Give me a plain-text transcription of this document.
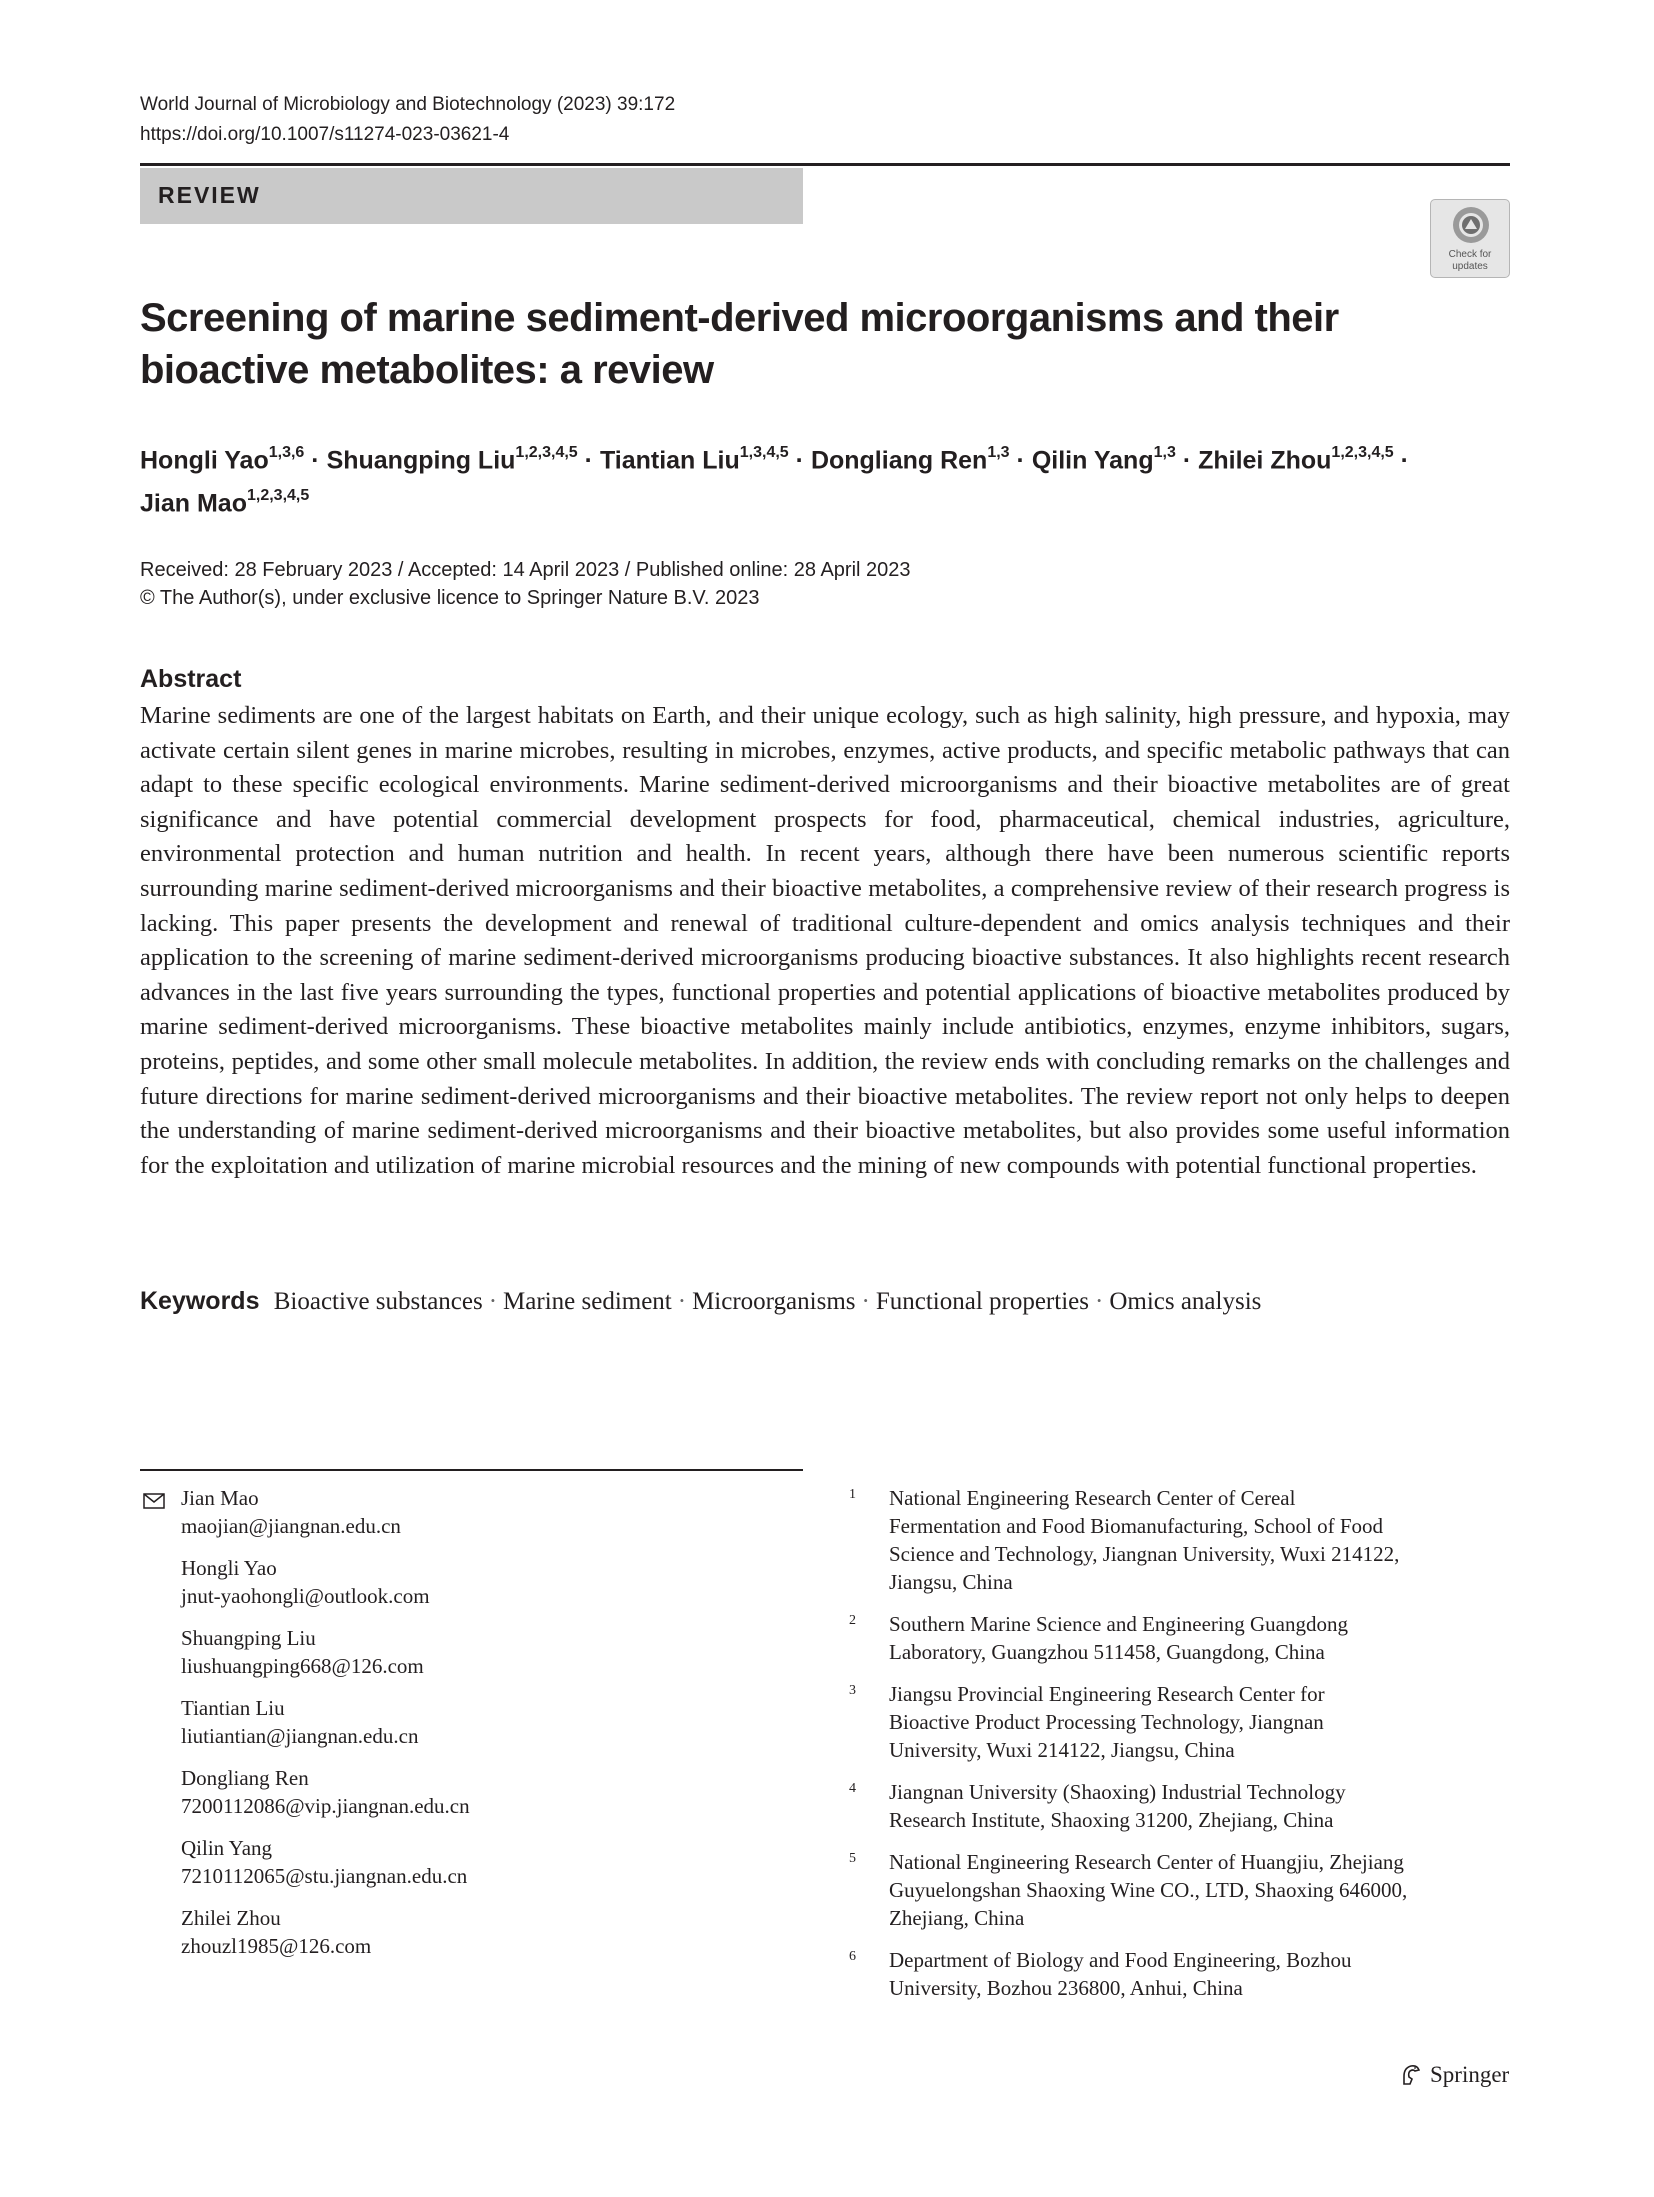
World Journal of Microbiology and Biotechnology (2023) 39:172
https://doi.org/10.1007/s11274-023-03621-4
REVIEW
Check for
updates
Screening of marine sediment-derived microorganisms and their
bioactive metabolites: a review
Hongli Yao$^{1,3,6}$ · Shuangping Liu$^{1,2,3,4,5}$ · Tiantian Liu$^{1,3,4,5}$ · Dongliang Ren$^{1,3}$ · Qilin Yang$^{1,3}$ · Zhilei Zhou$^{1,2,3,4,5}$ ·
Jian Mao$^{1,2,3,4,5}$
Received: 28 February 2023 / Accepted: 14 April 2023 / Published online: 28 April 2023
© The Author(s), under exclusive licence to Springer Nature B.V. 2023
Abstract

Marine sediments are one of the largest habitats on Earth, and their unique ecology, such as high salinity, high pressure, and hypoxia, may activate certain silent genes in marine microbes, resulting in microbes, enzymes, active products, and specific metabolic pathways that can adapt to these specific ecological environments. Marine sediment-derived microorganisms and their bioactive metabolites are of great significance and have potential commercial development prospects for food, pharmaceutical, chemical industries, agriculture, environmental protection and human nutrition and health. In recent years, although there have been numerous scientific reports surrounding marine sediment-derived microorganisms and their bioactive metabolites, a comprehensive review of their research progress is lacking. This paper presents the development and renewal of traditional culture-dependent and omics analysis techniques and their application to the screening of marine sediment-derived microorganisms producing bioactive substances. It also highlights recent research advances in the last five years surrounding the types, functional properties and potential applications of bioactive metabolites produced by marine sediment-derived microorganisms. These bioactive metabolites mainly include antibiotics, enzymes, enzyme inhibitors, sugars, proteins, peptides, and some other small molecule metabolites. In addition, the review ends with concluding remarks on the challenges and future directions for marine sediment-derived microorganisms and their bioactive metabolites. The review report not only helps to deepen the understanding of marine sediment-derived microorganisms and their bioactive metabolites, but also provides some useful information for the exploitation and utilization of marine microbial resources and the mining of new compounds with potential functional properties.

Keywords Bioactive substances · Marine sediment · Microorganisms · Functional properties · Omics analysis
Jian Mao
maojian@jiangnan.edu.cn
Hongli Yao
jnut-yaohongli@outlook.com
Shuangping Liu
liushuangping668@126.com
Tiantian Liu
liutiantian@jiangnan.edu.cn
Dongliang Ren
7200112086@vip.jiangnan.edu.cn
Qilin Yang
7210112065@stu.jiangnan.edu.cn
Zhilei Zhou
zhouzl1985@126.com
1 National Engineering Research Center of Cereal
Fermentation and Food Biomanufacturing, School of Food
Science and Technology, Jiangnan University, Wuxi 214122,
Jiangsu, China
2 Southern Marine Science and Engineering Guangdong
Laboratory, Guangzhou 511458, Guangdong, China
3 Jiangsu Provincial Engineering Research Center for
Bioactive Product Processing Technology, Jiangnan
University, Wuxi 214122, Jiangsu, China
4 Jiangnan University (Shaoxing) Industrial Technology
Research Institute, Shaoxing 31200, Zhejiang, China
5 National Engineering Research Center of Huangjiu, Zhejiang
Guyuelongshan Shaoxing Wine CO., LTD, Shaoxing 646000,
Zhejiang, China
6 Department of Biology and Food Engineering, Bozhou
University, Bozhou 236800, Anhui, China
Springer
